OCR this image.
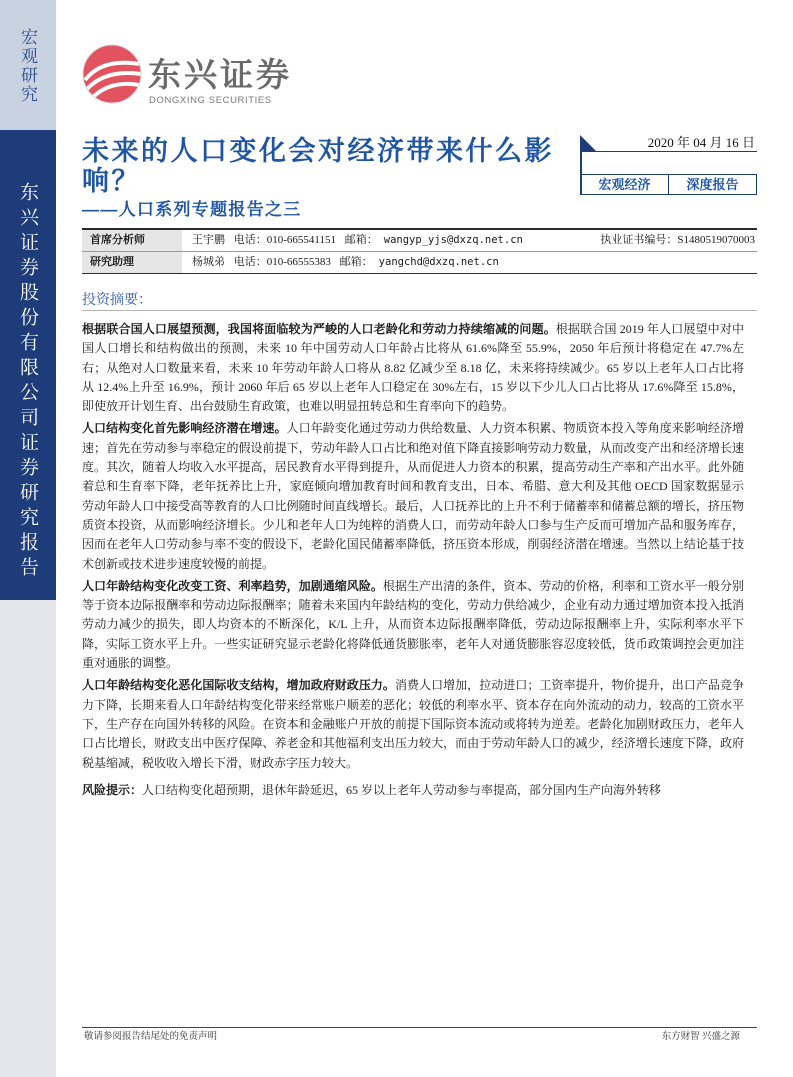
宏观研究
东兴证券股份有限公司证券研究报告
东兴证券
DONGXING SECURITIES
未来的人口变化会对经济带来什么影响？
——人口系列专题报告之三
2020 年 04 月 16 日
宏观经济	深度报告
首席分析师	王宇鹏 电话：010-665541151 邮箱： wangyp_yjs@dxzq.net.cn	执业证书编号：S1480519070003
研究助理	杨城弟 电话：010-66555383 邮箱： yangchd@dxzq.net.cn
投资摘要：

根据联合国人口展望预测，我国将面临较为严峻的人口老龄化和劳动力持续缩减的问题。根据联合国 2019 年人口展望中对中国人口增长和结构做出的预测，未来 10 年中国劳动人口年龄占比将从 61.6%降至 55.9%，2050 年后预计将稳定在 47.7%左右；从绝对人口数量来看，未来 10 年劳动年龄人口将从 8.82 亿减少至 8.18 亿，未来将持续减少。65 岁以上老年人口占比将从 12.4%上升至 16.9%，预计 2060 年后 65 岁以上老年人口稳定在 30%左右，15 岁以下少儿人口占比将从 17.6%降至 15.8%，即使放开计划生育、出台鼓励生育政策，也难以明显扭转总和生育率向下的趋势。

人口结构变化首先影响经济潜在增速。人口年龄变化通过劳动力供给数量、人力资本积累、物质资本投入等角度来影响经济增速；首先在劳动参与率稳定的假设前提下，劳动年龄人口占比和绝对值下降直接影响劳动力数量，从而改变产出和经济增长速度。其次，随着人均收入水平提高，居民教育水平得到提升，从而促进人力资本的积累，提高劳动生产率和产出水平。此外随着总和生育率下降，老年抚养比上升，家庭倾向增加教育时间和教育支出，日本、希腊、意大利及其他 OECD 国家数据显示劳动年龄人口中接受高等教育的人口比例随时间直线增长。最后，人口抚养比的上升不利于储蓄率和储蓄总额的增长，挤压物质资本投资，从而影响经济增长。少儿和老年人口为纯粹的消费人口，而劳动年龄人口参与生产反而可增加产品和服务库存，因而在老年人口劳动参与率不变的假设下，老龄化国民储蓄率降低，挤压资本形成，削弱经济潜在增速。当然以上结论基于技术创新或技术进步速度较慢的前提。

人口年龄结构变化改变工资、利率趋势，加剧通缩风险。根据生产出清的条件，资本、劳动的价格，利率和工资水平一般分别等于资本边际报酬率和劳动边际报酬率；随着未来国内年龄结构的变化，劳动力供给减少，企业有动力通过增加资本投入抵消劳动力减少的损失，即人均资本的不断深化，K/L 上升，从而资本边际报酬率降低，劳动边际报酬率上升，实际利率水平下降，实际工资水平上升。一些实证研究显示老龄化将降低通货膨胀率，老年人对通货膨胀容忍度较低，货币政策调控会更加注重对通胀的调整。

人口年龄结构变化恶化国际收支结构，增加政府财政压力。消费人口增加，拉动进口；工资率提升，物价提升，出口产品竞争力下降，长期来看人口年龄结构变化带来经常账户顺差的恶化；较低的利率水平、资本存在向外流动的动力，较高的工资水平下，生产存在向国外转移的风险。在资本和金融账户开放的前提下国际资本流动或将转为逆差。老龄化加剧财政压力，老年人口占比增长，财政支出中医疗保障、养老金和其他福利支出压力较大，而由于劳动年龄人口的减少，经济增长速度下降，政府税基缩减，税收收入增长下滑，财政赤字压力较大。

风险提示：人口结构变化超预期，退休年龄延迟，65 岁以上老年人劳动参与率提高，部分国内生产向海外转移

敬请参阅报告结尾处的免责声明	东方财智 兴盛之源
